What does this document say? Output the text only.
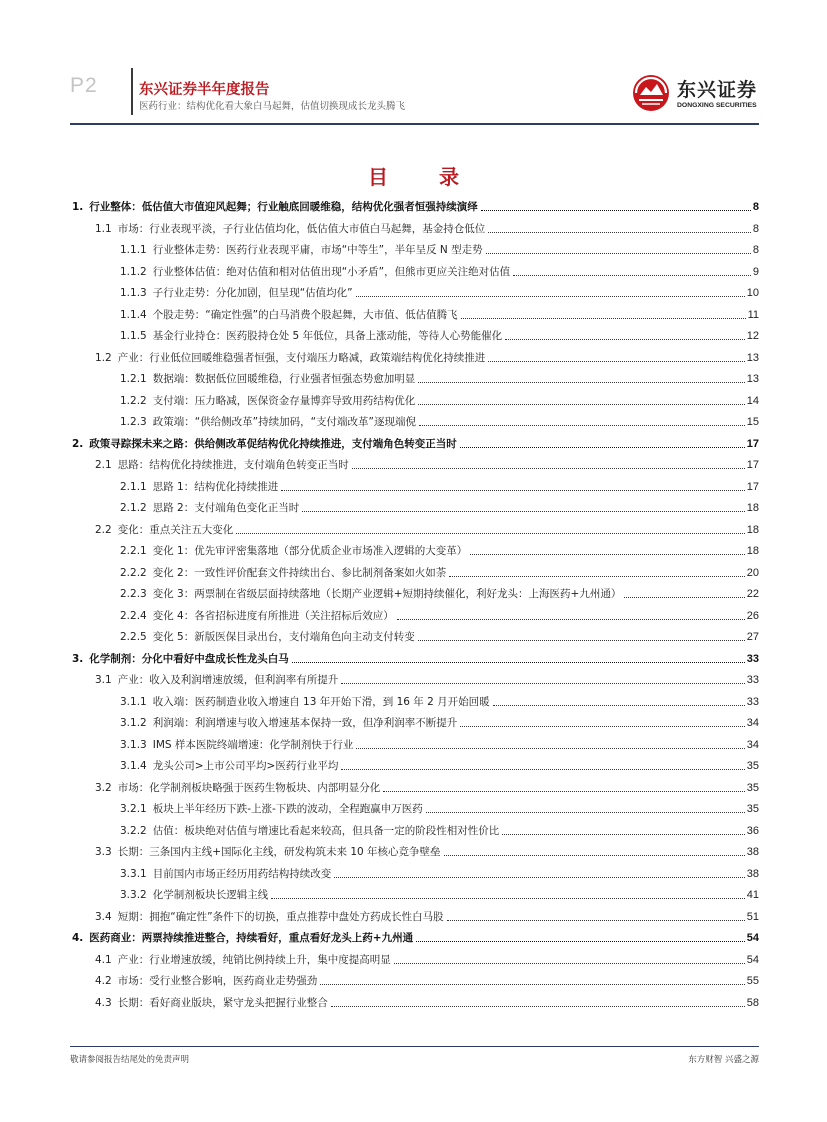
P2	东兴证券半年度报告
医药行业：结构优化看大象白马起舞，估值切换现成长龙头腾飞
东兴证券
DONGXING SECURITIES
目 录
1. 行业整体：低估值大市值迎风起舞；行业触底回暖维稳，结构优化强者恒强持续演绎	8
1.1 市场：行业表现平淡，子行业估值均化，低估值大市值白马起舞，基金持仓低位	8
1.1.1 行业整体走势：医药行业表现平庸，市场“中等生”，半年呈反 N 型走势	8
1.1.2 行业整体估值：绝对估值和相对估值出现“小矛盾”，但熊市更应关注绝对估值	9
1.1.3 子行业走势：分化加剧，但呈现“估值均化”	10
1.1.4 个股走势：“确定性强”的白马消费个股起舞，大市值、低估值腾飞	11
1.1.5 基金行业持仓：医药股持仓处 5 年低位，具备上涨动能，等待人心势能催化	12
1.2 产业：行业低位回暖维稳强者恒强，支付端压力略减，政策端结构优化持续推进	13
1.2.1 数据端：数据低位回暖维稳，行业强者恒强态势愈加明显	13
1.2.2 支付端：压力略减，医保资金存量博弈导致用药结构优化	14
1.2.3 政策端：“供给侧改革”持续加码，“支付端改革”逐现端倪	15
2. 政策寻踪探未来之路：供给侧改革促结构优化持续推进，支付端角色转变正当时	17
2.1 思路：结构优化持续推进，支付端角色转变正当时	17
2.1.1 思路 1：结构优化持续推进	17
2.1.2 思路 2：支付端角色变化正当时	18
2.2 变化：重点关注五大变化	18
2.2.1 变化 1：优先审评密集落地（部分优质企业市场准入逻辑的大变革）	18
2.2.2 变化 2：一致性评价配套文件持续出台、参比制剂备案如火如荼	20
2.2.3 变化 3：两票制在省级层面持续落地（长期产业逻辑+短期持续催化，利好龙头：上海医药+九州通）	22
2.2.4 变化 4：各省招标进度有所推进（关注招标后效应）	26
2.2.5 变化 5：新版医保目录出台，支付端角色向主动支付转变	27
3. 化学制剂：分化中看好中盘成长性龙头白马	33
3.1 产业：收入及利润增速放缓，但利润率有所提升	33
3.1.1 收入端：医药制造业收入增速自 13 年开始下滑，到 16 年 2 月开始回暖	33
3.1.2 利润端：利润增速与收入增速基本保持一致，但净利润率不断提升	34
3.1.3 IMS 样本医院终端增速：化学制剂快于行业	34
3.1.4 龙头公司>上市公司平均>医药行业平均	35
3.2 市场：化学制剂板块略强于医药生物板块、内部明显分化	35
3.2.1 板块上半年经历下跌-上涨-下跌的波动，全程跑赢申万医药	35
3.2.2 估值：板块绝对估值与增速比看起来较高，但具备一定的阶段性相对性价比	36
3.3 长期：三条国内主线+国际化主线，研发构筑未来 10 年核心竞争壁垒	38
3.3.1 目前国内市场正经历用药结构持续改变	38
3.3.2 化学制剂板块长逻辑主线	41
3.4 短期：拥抱“确定性”条件下的切换，重点推荐中盘处方药成长性白马股	51
4. 医药商业：两票持续推进整合，持续看好，重点看好龙头上药+九州通	54
4.1 产业：行业增速放缓，纯销比例持续上升，集中度提高明显	54
4.2 市场：受行业整合影响，医药商业走势强劲	55
4.3 长期：看好商业版块，紧守龙头把握行业整合	58
敬请参阅报告结尾处的免责声明	东方财智 兴盛之源
